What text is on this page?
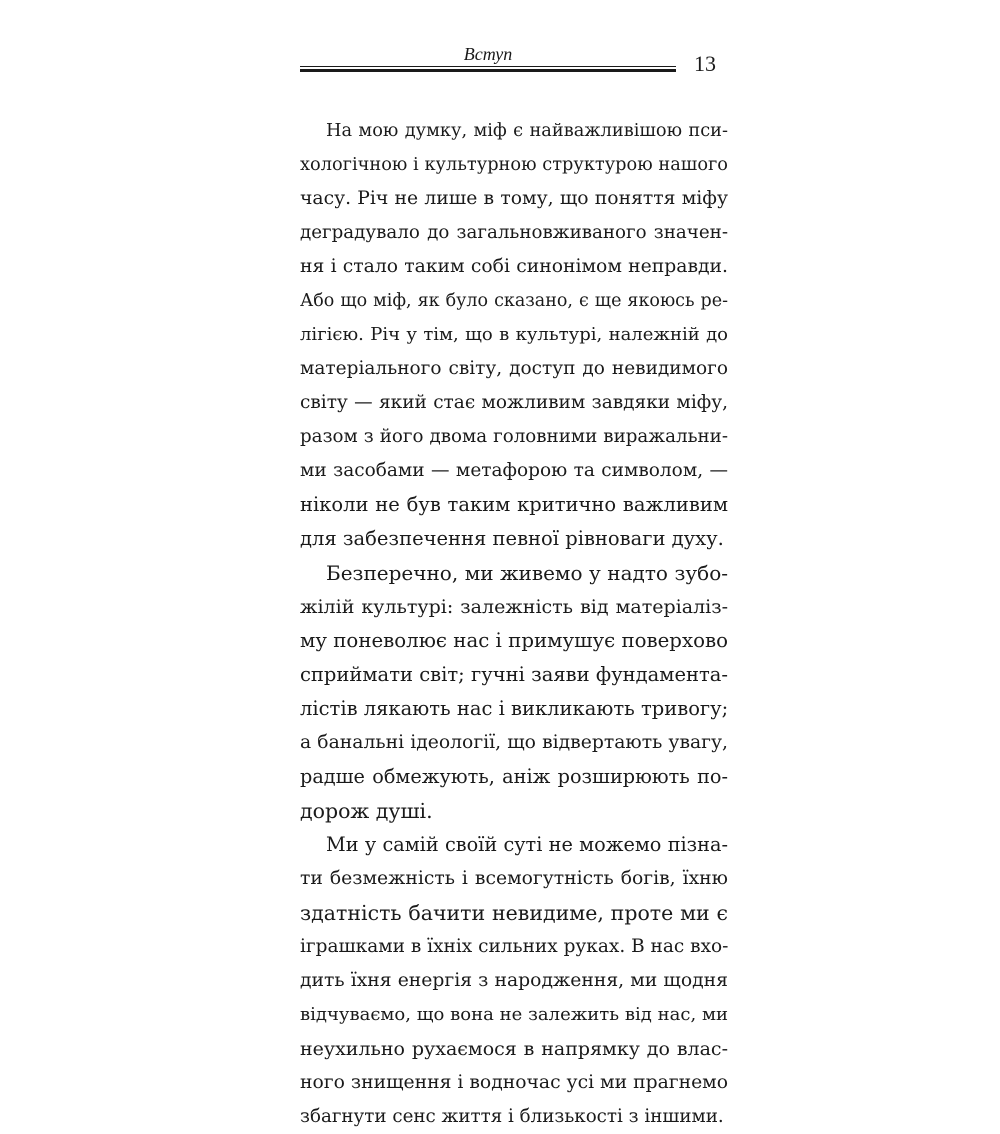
Вступ	13
На мою думку, міф є найважливішою пси-
хологічною і культурною структурою нашого
часу. Річ не лише в тому, що поняття міфу
деградувало до загальновживаного значен-
ня і стало таким собі синонімом неправди.
Або що міф, як було сказано, є ще якоюсь ре-
лігією. Річ у тім, що в культурі, належній до
матеріального світу, доступ до невидимого
світу — який стає можливим завдяки міфу,
разом з його двома головними виражальни-
ми засобами — метафорою та символом, —
ніколи не був таким критично важливим
для забезпечення певної рівноваги духу.
Безперечно, ми живемо у надто зубо-
жілій культурі: залежність від матеріаліз-
му поневолює нас і примушує поверхово
сприймати світ; гучні заяви фундамента-
лістів лякають нас і викликають тривогу;
а банальні ідеології, що відвертають увагу,
радше обмежують, аніж розширюють по-
дорож душі.
Ми у самій своїй суті не можемо пізна-
ти безмежність і всемогутність богів, їхню
здатність бачити невидиме, проте ми є
іграшками в їхніх сильних руках. В нас вхо-
дить їхня енергія з народження, ми щодня
відчуваємо, що вона не залежить від нас, ми
неухильно рухаємося в напрямку до влас-
ного знищення і водночас усі ми прагнемо
збагнути сенс життя і близькості з іншими.
